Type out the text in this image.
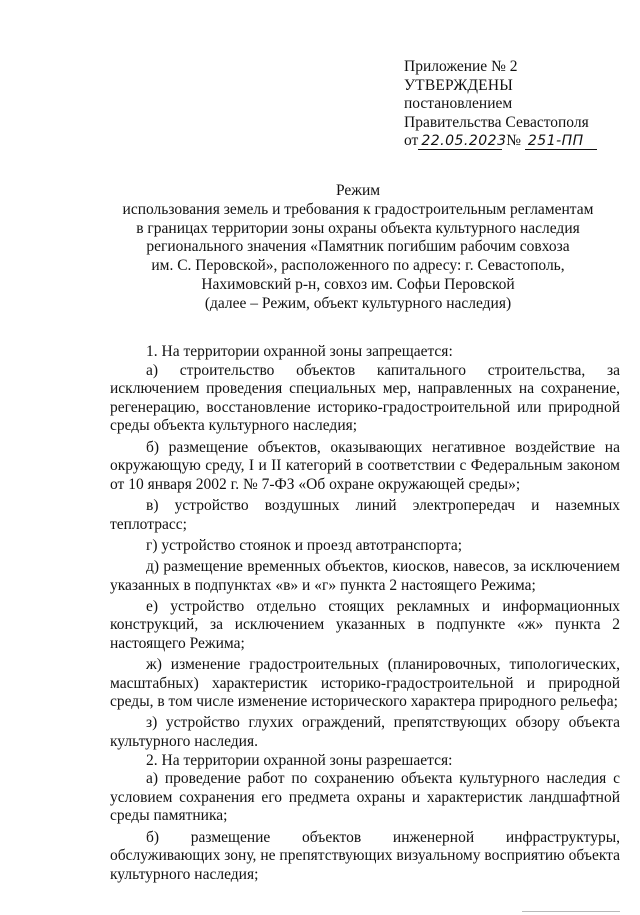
Приложение № 2
УТВЕРЖДЕНЫ
постановлением
Правительства Севастополя
от 22.05.2023 № 251-ПП
Режим
использования земель и требования к градостроительным регламентам
в границах территории зоны охраны объекта культурного наследия
регионального значения «Памятник погибшим рабочим совхоза
им. С. Перовской», расположенного по адресу: г. Севастополь,
Нахимовский р-н, совхоз им. Софьи Перовской
(далее – Режим, объект культурного наследия)

1. На территории охранной зоны запрещается:

а) строительство объектов капитального строительства, за исключением проведения специальных мер, направленных на сохранение, регенерацию, восстановление историко-градостроительной или природной среды объекта культурного наследия;

б) размещение объектов, оказывающих негативное воздействие на окружающую среду, I и II категорий в соответствии с Федеральным законом от 10 января 2002 г. № 7-ФЗ «Об охране окружающей среды»;

в) устройство воздушных линий электропередач и наземных теплотрасс;

г) устройство стоянок и проезд автотранспорта;

д) размещение временных объектов, киосков, навесов, за исключением указанных в подпунктах «в» и «г» пункта 2 настоящего Режима;

е) устройство отдельно стоящих рекламных и информационных конструкций, за исключением указанных в подпункте «ж» пункта 2 настоящего Режима;

ж) изменение градостроительных (планировочных, типологических, масштабных) характеристик историко-градостроительной и природной среды, в том числе изменение исторического характера природного рельефа;

з) устройство глухих ограждений, препятствующих обзору объекта культурного наследия.

2. На территории охранной зоны разрешается:

а) проведение работ по сохранению объекта культурного наследия с условием сохранения его предмета охраны и характеристик ландшафтной среды памятника;

б) размещение объектов инженерной инфраструктуры, обслуживающих зону, не препятствующих визуальному восприятию объекта культурного наследия;
